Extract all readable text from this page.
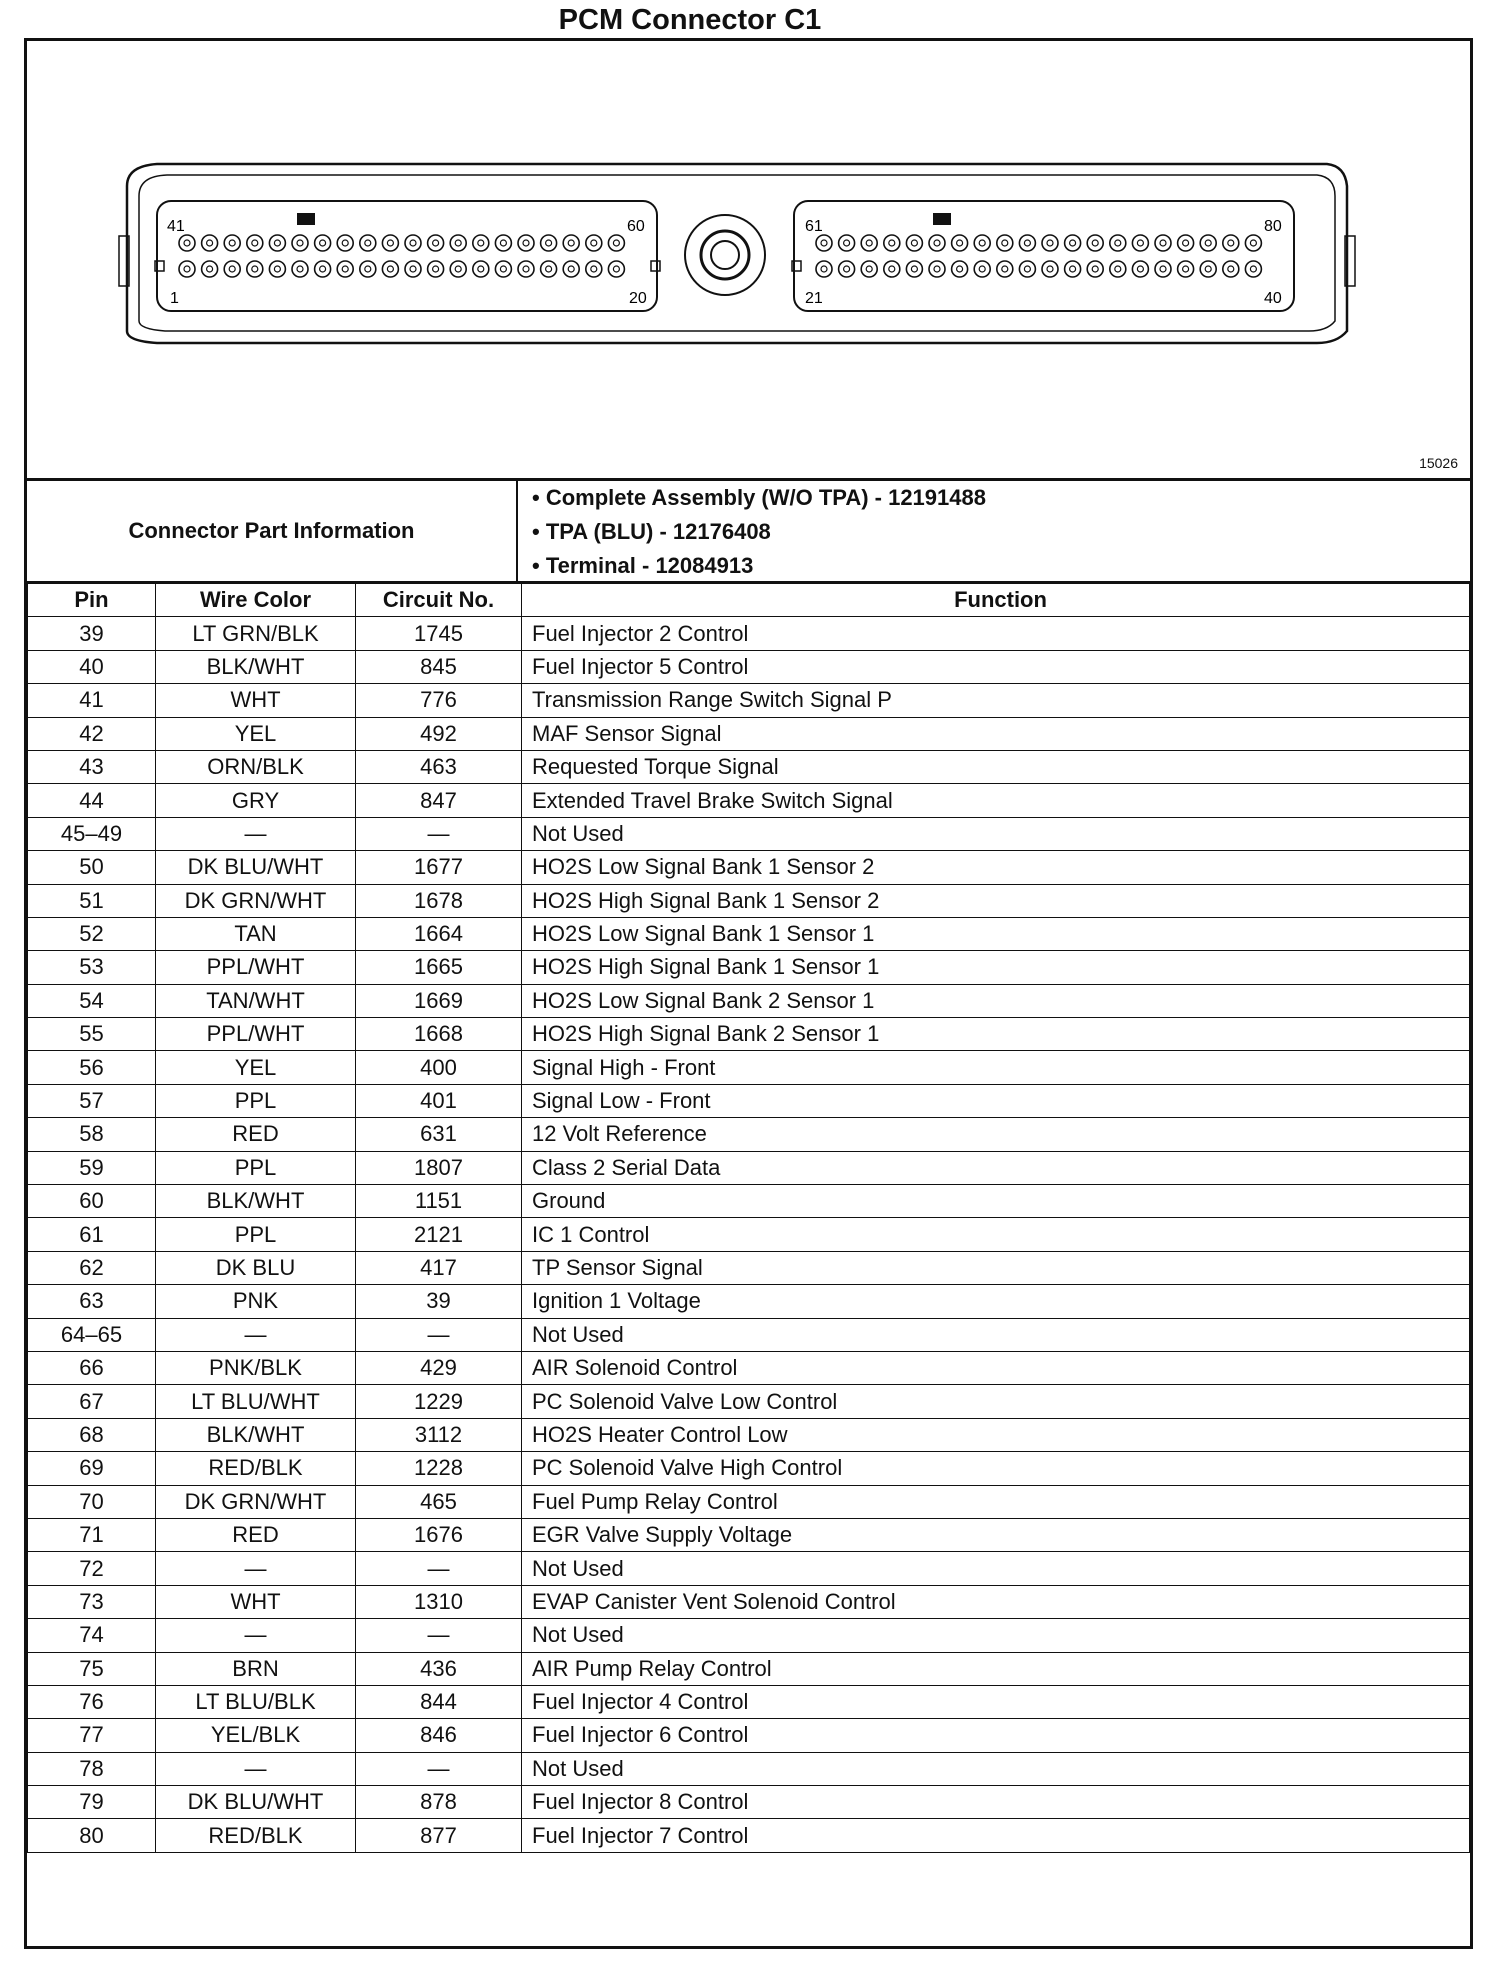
PCM Connector C1
41	60
1	20
61	80
21	40
15026
Connector Part Information
• Complete Assembly (W/O TPA) - 12191488
• TPA (BLU) - 12176408
• Terminal - 12084913
Pin	Wire Color	Circuit No.	Function
39	LT GRN/BLK	1745	Fuel Injector 2 Control
40	BLK/WHT	845	Fuel Injector 5 Control
41	WHT	776	Transmission Range Switch Signal P
42	YEL	492	MAF Sensor Signal
43	ORN/BLK	463	Requested Torque Signal
44	GRY	847	Extended Travel Brake Switch Signal
45–49	—	—	Not Used
50	DK BLU/WHT	1677	HO2S Low Signal Bank 1 Sensor 2
51	DK GRN/WHT	1678	HO2S High Signal Bank 1 Sensor 2
52	TAN	1664	HO2S Low Signal Bank 1 Sensor 1
53	PPL/WHT	1665	HO2S High Signal Bank 1 Sensor 1
54	TAN/WHT	1669	HO2S Low Signal Bank 2 Sensor 1
55	PPL/WHT	1668	HO2S High Signal Bank 2 Sensor 1
56	YEL	400	Signal High - Front
57	PPL	401	Signal Low - Front
58	RED	631	12 Volt Reference
59	PPL	1807	Class 2 Serial Data
60	BLK/WHT	1151	Ground
61	PPL	2121	IC 1 Control
62	DK BLU	417	TP Sensor Signal
63	PNK	39	Ignition 1 Voltage
64–65	—	—	Not Used
66	PNK/BLK	429	AIR Solenoid Control
67	LT BLU/WHT	1229	PC Solenoid Valve Low Control
68	BLK/WHT	3112	HO2S Heater Control Low
69	RED/BLK	1228	PC Solenoid Valve High Control
70	DK GRN/WHT	465	Fuel Pump Relay Control
71	RED	1676	EGR Valve Supply Voltage
72	—	—	Not Used
73	WHT	1310	EVAP Canister Vent Solenoid Control
74	—	—	Not Used
75	BRN	436	AIR Pump Relay Control
76	LT BLU/BLK	844	Fuel Injector 4 Control
77	YEL/BLK	846	Fuel Injector 6 Control
78	—	—	Not Used
79	DK BLU/WHT	878	Fuel Injector 8 Control
80	RED/BLK	877	Fuel Injector 7 Control
